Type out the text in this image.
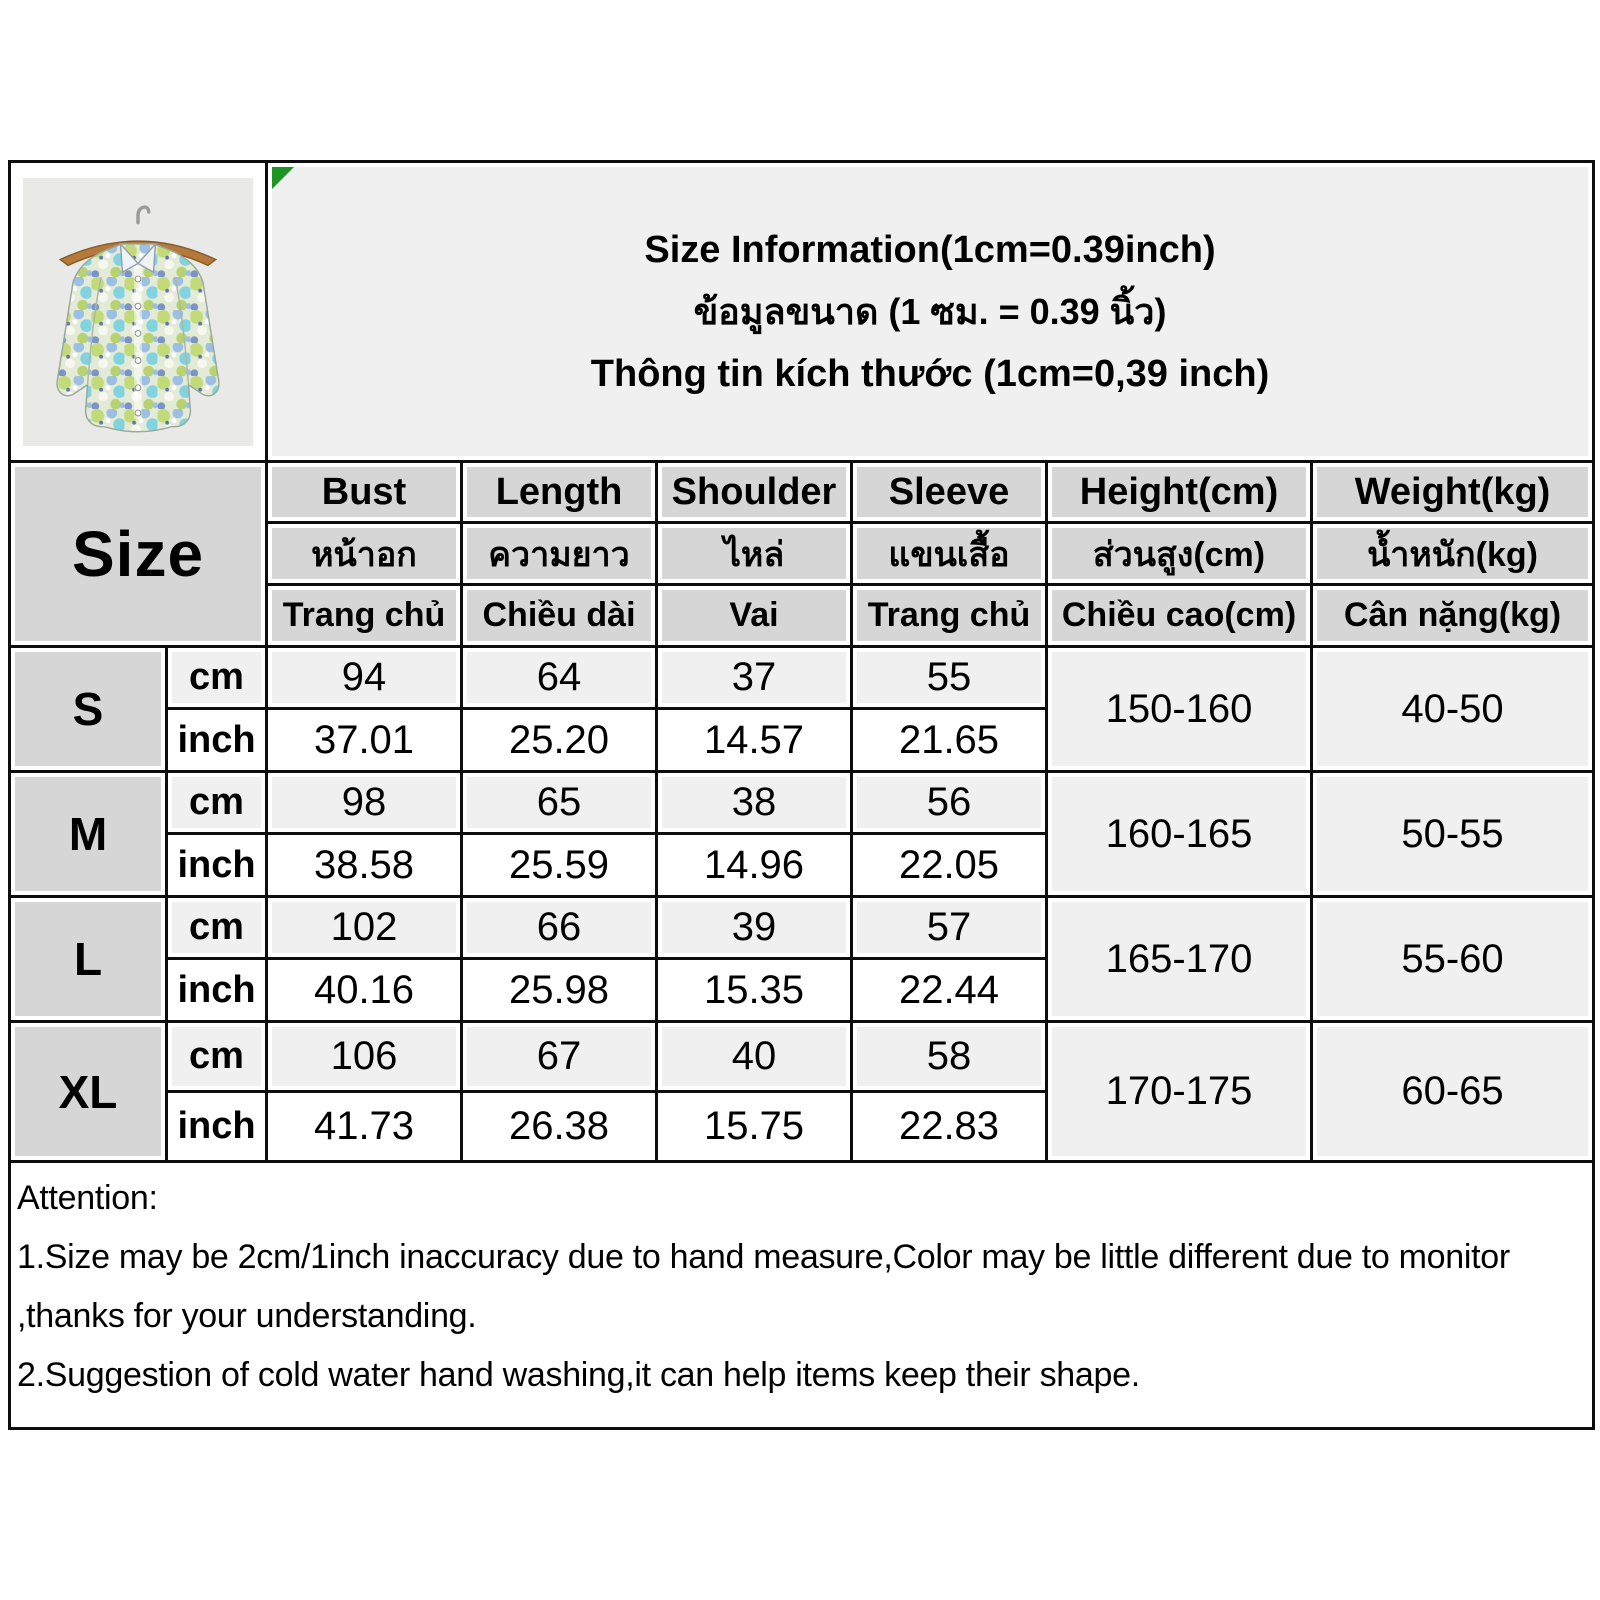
Size Information(1cm=0.39inch)
ข้อมูลขนาด (1 ซม. = 0.39 นิ้ว)
Thông tin kích thước (1cm=0,39 inch)					

Size		Bust	Length	Shoulder	Sleeve	Height(cm)	Weight(kg)
		หน้าอก	ความยาว	ไหล่	แขนเสื้อ	ส่วนสูง(cm)	น้ำหนัก(kg)
		Trang chủ	Chiều dài	Vai	Trang chủ	Chiều cao(cm)	Cân nặng(kg)
S	cm	94	64	37	55	150-160	40-50
	inch	37.01	25.20	14.57	21.65		
M	cm	98	65	38	56	160-165	50-55
	inch	38.58	25.59	14.96	22.05		
L	cm	102	66	39	57	165-170	55-60
	inch	40.16	25.98	15.35	22.44		
XL	cm	106	67	40	58	170-175	60-65
	inch	41.73	26.38	15.75	22.83		

Attention:
1.Size may be 2cm/1inch inaccuracy due to hand measure,Color may be little different due to monitor
,thanks for your understanding.
2.Suggestion of cold water hand washing,it can help items keep their shape.							
